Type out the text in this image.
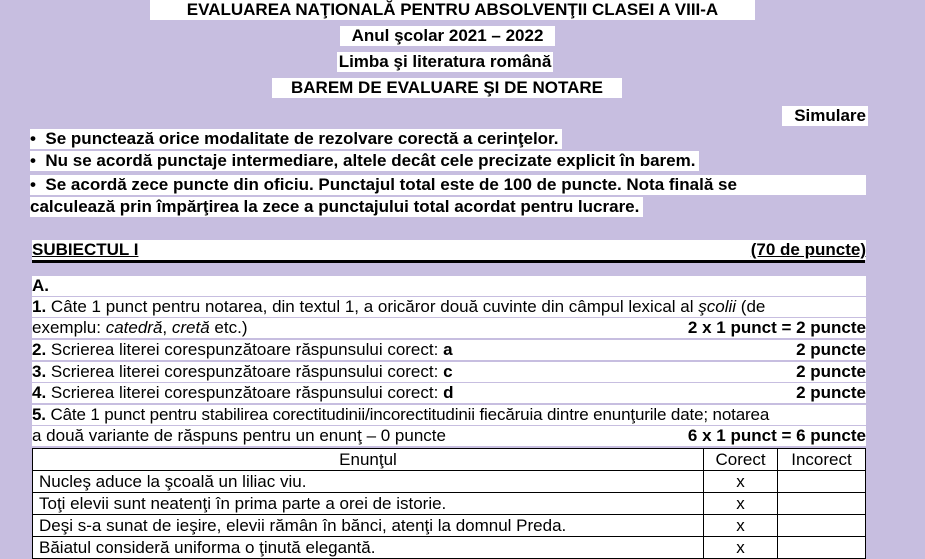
EVALUAREA NAŢIONALĂ PENTRU ABSOLVENŢII CLASEI A VIII-A
Anul şcolar 2021 – 2022
Limba şi literatura română
BAREM DE EVALUARE ŞI DE NOTARE
Simulare
• Se punctează orice modalitate de rezolvare corectă a cerinţelor.
• Nu se acordă punctaje intermediare, altele decât cele precizate explicit în barem.
• Se acordă zece puncte din oficiu. Punctajul total este de 100 de puncte. Nota finală se
calculează prin împărţirea la zece a punctajului total acordat pentru lucrare.
SUBIECTUL I	(70 de puncte)
A.
1. Câte 1 punct pentru notarea, din textul 1, a oricăror două cuvinte din câmpul lexical al şcolii (de
exemplu: catedră, cretă etc.)	2 x 1 punct = 2 puncte
2. Scrierea literei corespunzătoare răspunsului corect: a	2 puncte
3. Scrierea literei corespunzătoare răspunsului corect: c	2 puncte
4. Scrierea literei corespunzătoare răspunsului corect: d	2 puncte
5. Câte 1 punct pentru stabilirea corectitudinii/incorectitudinii fiecăruia dintre enunţurile date; notarea
a două variante de răspuns pentru un enunţ – 0 puncte	6 x 1 punct = 6 puncte
Enunţul	Corect	Incorect
Nucleş aduce la şcoală un liliac viu.	x	
Toţi elevii sunt neatenţi în prima parte a orei de istorie.	x	
Deşi s-a sunat de ieşire, elevii rămân în bănci, atenţi la domnul Preda.	x	
Băiatul consideră uniforma o ţinută elegantă.	x	
